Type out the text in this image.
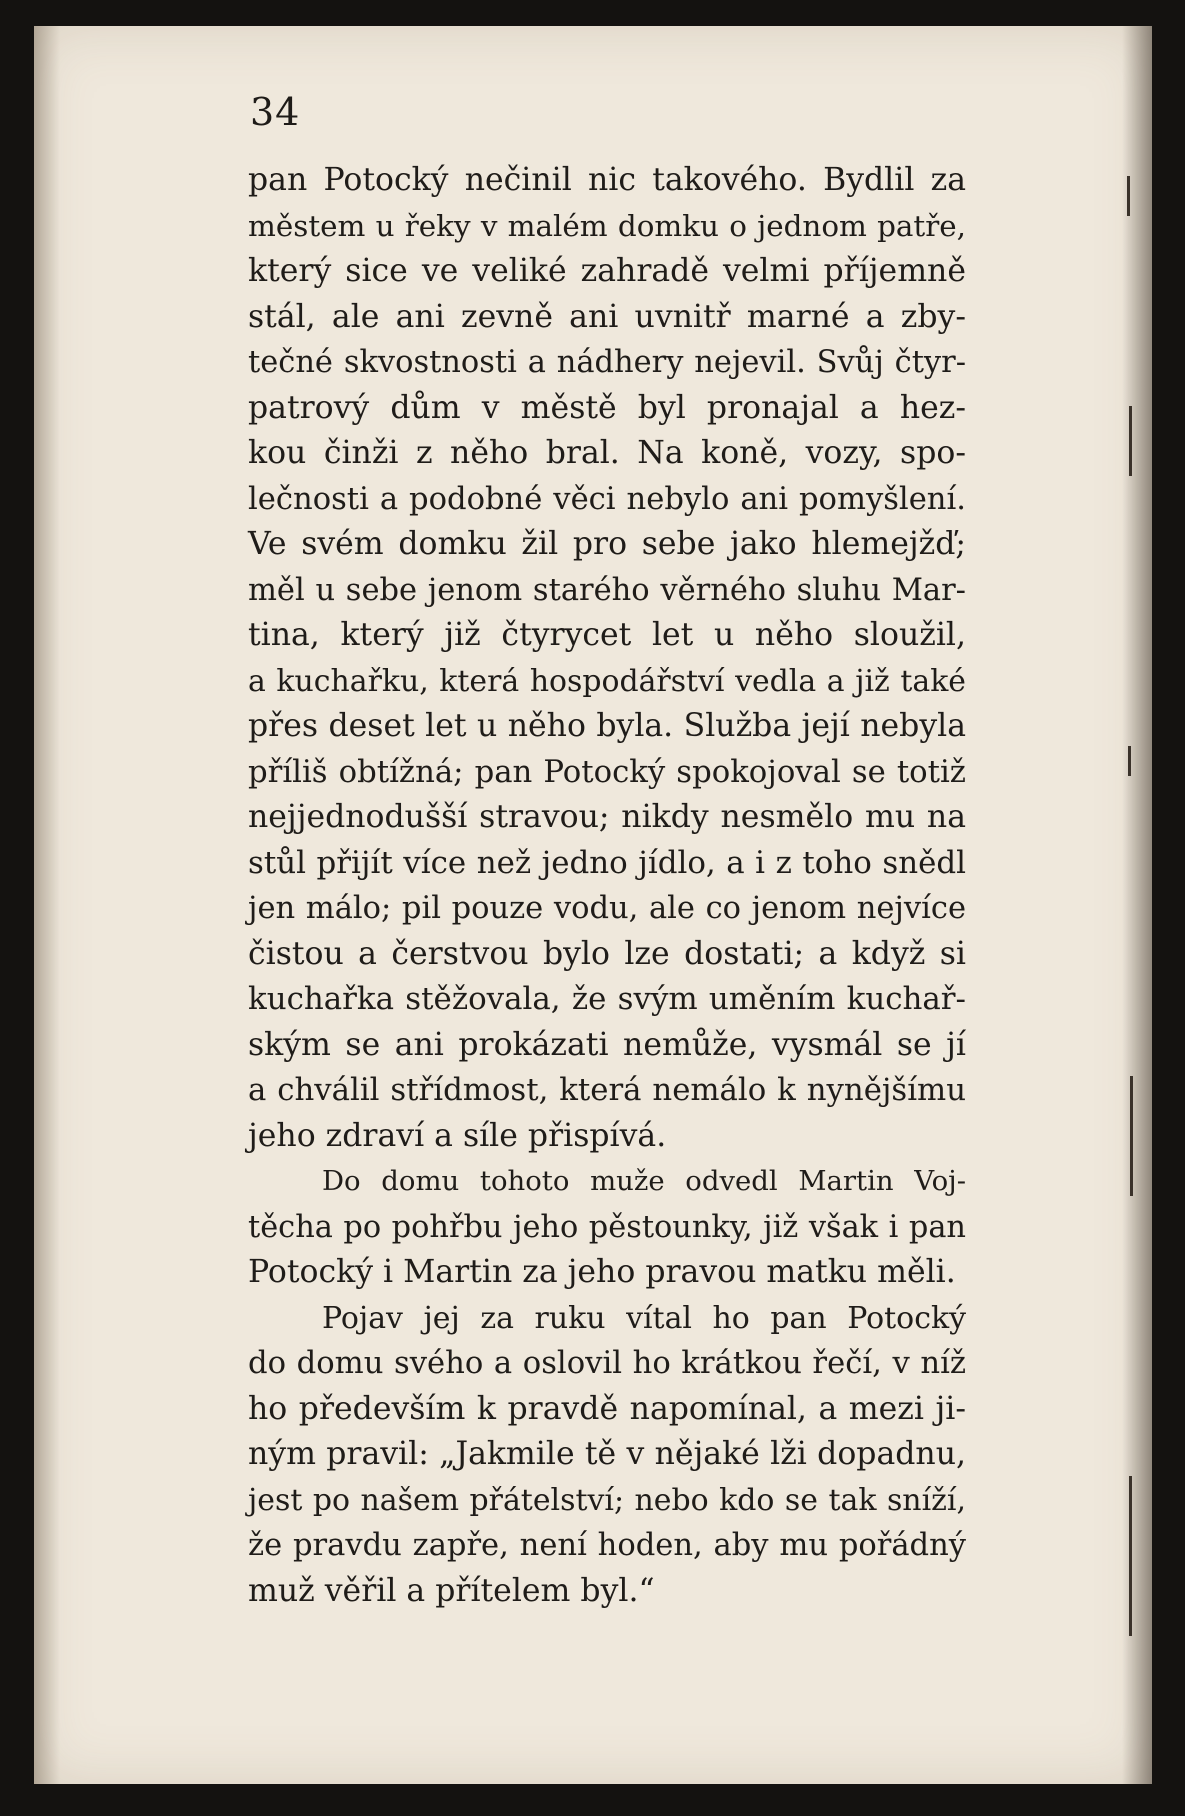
34

pan Potocký nečinil nic takového. Bydlil za
městem u řeky v malém domku o jednom patře,
který sice ve veliké zahradě velmi příjemně
stál, ale ani zevně ani uvnitř marné a zby-
tečné skvostnosti a nádhery nejevil. Svůj čtyr-
patrový dům v městě byl pronajal a hez-
kou činži z něho bral. Na koně, vozy, spo-
lečnosti a podobné věci nebylo ani pomyšlení.
Ve svém domku žil pro sebe jako hlemejžď;
měl u sebe jenom starého věrného sluhu Mar-
tina, který již čtyrycet let u něho sloužil,
a kuchařku, která hospodářství vedla a již také
přes deset let u něho byla. Služba její nebyla
příliš obtížná; pan Potocký spokojoval se totiž
nejjednodušší stravou; nikdy nesmělo mu na
stůl přijít více než jedno jídlo, a i z toho snědl
jen málo; pil pouze vodu, ale co jenom nejvíce
čistou a čerstvou bylo lze dostati; a když si
kuchařka stěžovala, že svým uměním kuchař-
ským se ani prokázati nemůže, vysmál se jí
a chválil střídmost, která nemálo k nynějšímu
jeho zdraví a síle přispívá.
Do domu tohoto muže odvedl Martin Voj-
těcha po pohřbu jeho pěstounky, již však i pan
Potocký i Martin za jeho pravou matku měli.
Pojav jej za ruku vítal ho pan Potocký
do domu svého a oslovil ho krátkou řečí, v níž
ho především k pravdě napomínal, a mezi ji-
ným pravil: „Jakmile tě v nějaké lži dopadnu,
jest po našem přátelství; nebo kdo se tak sníží,
že pravdu zapře, není hoden, aby mu pořádný
muž věřil a přítelem byl.“
